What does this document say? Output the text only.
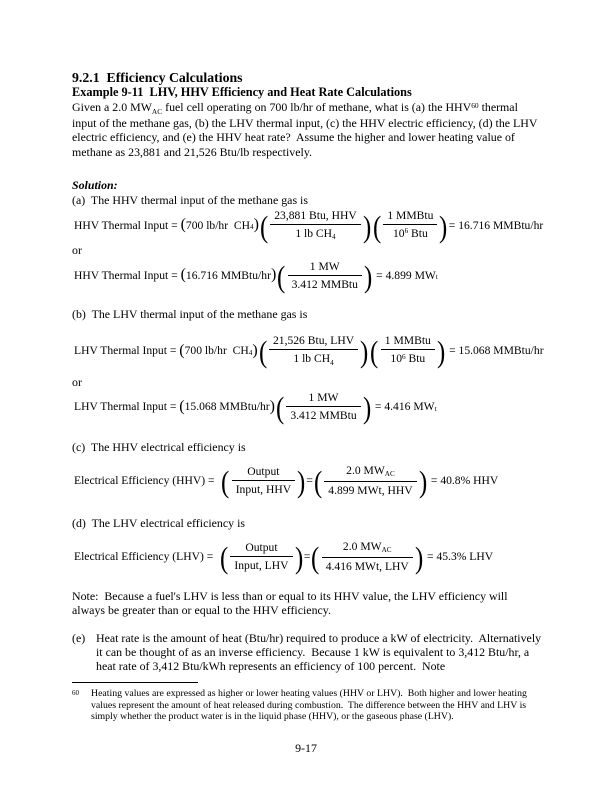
9.2.1  Efficiency Calculations
Example 9-11  LHV, HHV Efficiency and Heat Rate Calculations

Given a 2.0 $MW_{AC}$ fuel cell operating on 700 lb/hr of methane, what is (a) the HHV$^{60}$ thermal input of the methane gas, (b) the LHV thermal input, (c) the HHV electric efficiency, (d) the LHV electric efficiency, and (e) the HHV heat rate?  Assume the higher and lower heating value of methane as 23,881 and 21,526 Btu/lb respectively.

Solution:
(a)  The HHV thermal input of the methane gas is
HHV Thermal Input = ( 700 lb/hr  CH 4 ) ( $\frac{\text{23,881 Btu, HHV}}{1 lb CH_4}$ ) ( $\frac{\text{1 MMBtu}}{10^6 Btu}$ ) = 16.716 MMBtu/hr
or
HHV Thermal Input = ( 16.716 MMBtu/hr ) ( $\frac{1 MW}{\text{3.412 MMBtu}}$ ) = 4.899 MW t
(b)  The LHV thermal input of the methane gas is
LHV Thermal Input = ( 700 lb/hr  CH 4 ) ( $\frac{\text{21,526 Btu, LHV}}{1 lb CH_4}$ ) ( $\frac{\text{1 MMBtu}}{10^6 Btu}$ ) = 15.068 MMBtu/hr
or
LHV Thermal Input = ( 15.068 MMBtu/hr ) ( $\frac{1 MW}{\text{3.412 MMBtu}}$ ) = 4.416 MW t
(c)  The HHV electrical efficiency is
Electrical Efficiency (HHV) = ( $\frac{\text{Output}}{\text{Input, HHV}}$ ) = ( $\frac{2.0 MW_{AC}}{\text{4.899 MWt, HHV}}$ ) = 40.8% HHV
(d)  The LHV electrical efficiency is
Electrical Efficiency (LHV) = ( $\frac{\text{Output}}{\text{Input, LHV}}$ ) = ( $\frac{2.0 MW_{AC}}{\text{4.416 MWt, LHV}}$ ) = 45.3% LHV

Note:  Because a fuel's LHV is less than or equal to its HHV value, the LHV efficiency will always be greater than or equal to the HHV efficiency.

(e) Heat rate is the amount of heat (Btu/hr) required to produce a kW of electricity.  Alternatively it can be thought of as an inverse efficiency.  Because 1 kW is equivalent to 3,412 Btu/hr, a heat rate of 3,412 Btu/kWh represents an efficiency of 100 percent.  Note
60	Heating values are expressed as higher or lower heating values (HHV or LHV).  Both higher and lower heating values represent the amount of heat released during combustion.  The difference between the HHV and LHV is simply whether the product water is in the liquid phase (HHV), or the gaseous phase (LHV).
9-17
